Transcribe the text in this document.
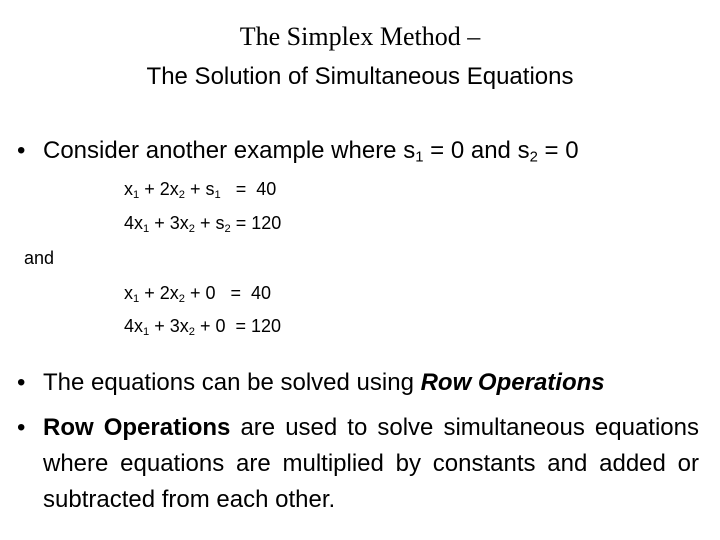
The Simplex Method –
The Solution of Simultaneous Equations
• Consider another example where $s_1 = 0$ and $s_2 = 0$
$x_1 + 2x_2 + s_1 = 40$
$4x_1 + 3x_2 + s_2 = 120$
and
$x_1 + 2x_2 + 0 = 40$
$4x_1 + 3x_2 + 0 = 120$
• The equations can be solved using Row Operations
• Row Operations are used to solve simultaneous equations where equations are multiplied by constants and added or subtracted from each other.
